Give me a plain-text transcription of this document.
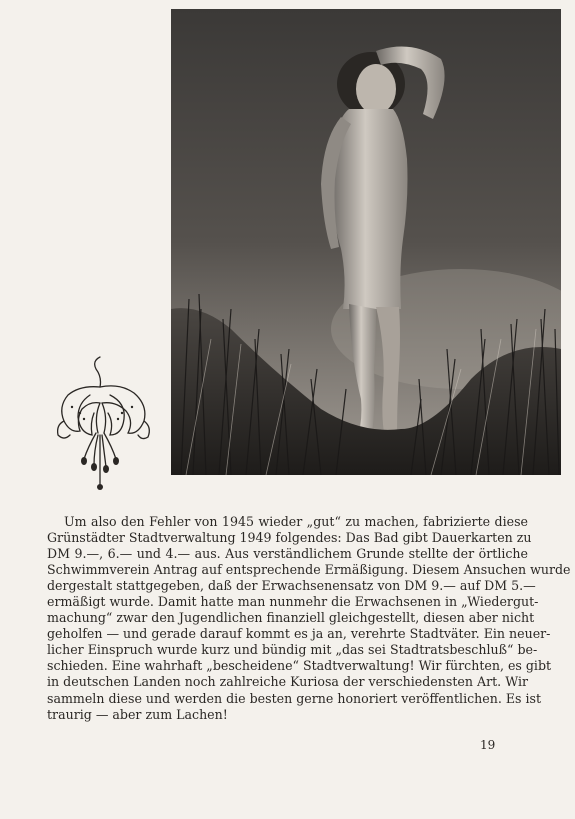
Um also den Fehler von 1945 wieder „gut“ zu machen, fabrizierte diese
Grünstädter Stadtverwaltung 1949 folgendes: Das Bad gibt Dauerkarten zu
DM 9.—, 6.— und 4.— aus. Aus verständlichem Grunde stellte der örtliche
Schwimmverein Antrag auf entsprechende Ermäßigung. Diesem Ansuchen wurde
dergestalt stattgegeben, daß der Erwachsenensatz von DM 9.— auf DM 5.—
ermäßigt wurde. Damit hatte man nunmehr die Erwachsenen in „Wiedergut-
machung“ zwar den Jugendlichen finanziell gleichgestellt, diesen aber nicht
geholfen — und gerade darauf kommt es ja an, verehrte Stadtväter. Ein neuer-
licher Einspruch wurde kurz und bündig mit „das sei Stadtratsbeschluß“ be-
schieden. Eine wahrhaft „bescheidene“ Stadtverwaltung! Wir fürchten, es gibt
in deutschen Landen noch zahlreiche Kuriosa der verschiedensten Art. Wir
sammeln diese und werden die besten gerne honoriert veröffentlichen. Es ist
traurig — aber zum Lachen!

19
